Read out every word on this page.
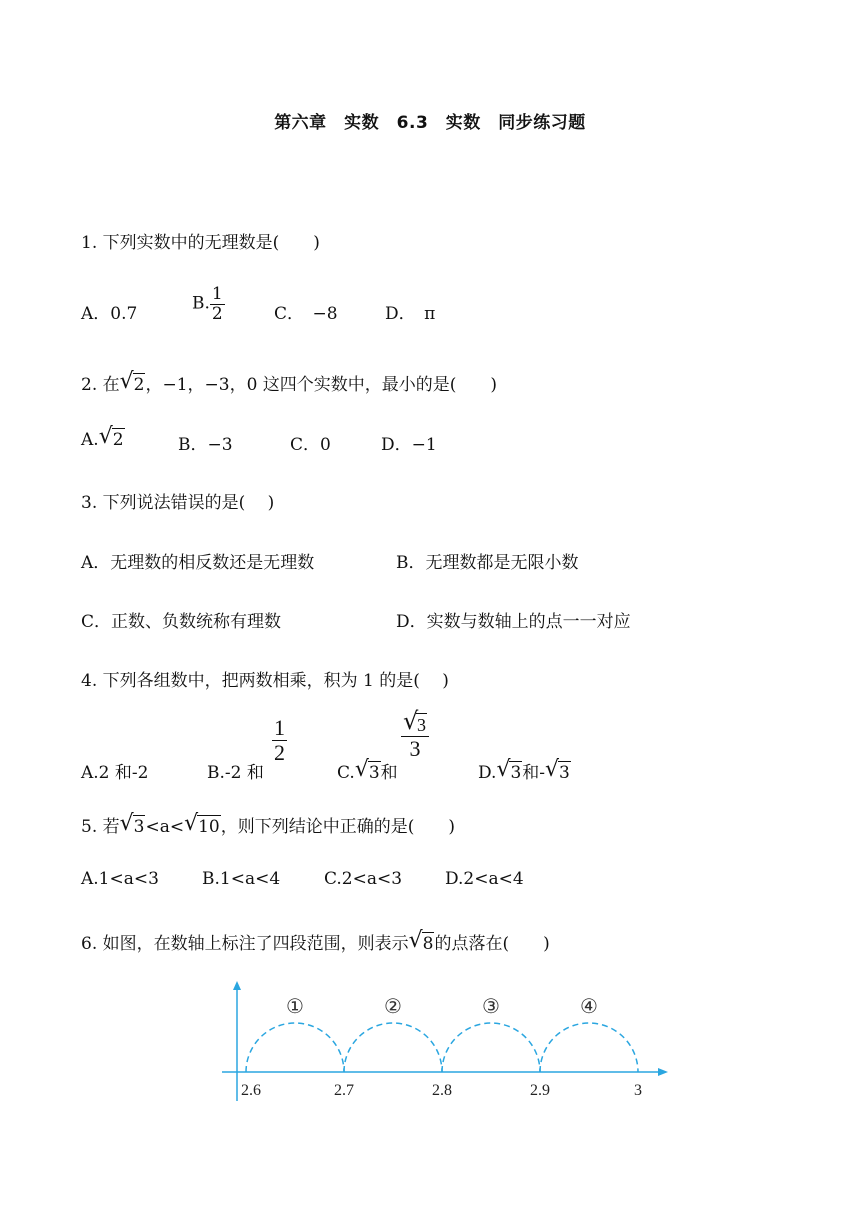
第六章　实数　6.3　实数　同步练习题
1. 下列实数中的无理数是(　　)
A．0.7
B. $\frac{1}{2}$	C．　−8	D．　π
2. 在 √ 2，−1，−3，0 这四个实数中，最小的是(　　)
A. √ 2	B．−3	C．0	D．−1
3. 下列说法错误的是(　 )
A．无理数的相反数还是无理数	B．无理数都是无限小数
C．正数、负数统称有理数	D．实数与数轴上的点一一对应
4. 下列各组数中，把两数相乘，积为 1 的是(　 )
A.2 和-2	B.-2 和
$\frac{1}{2}$
C. √ 3和
√
3
3
D. √ 3和- √ 3
5. 若 √ 3<a< √ 10，则下列结论中正确的是(　　)
A.1<a<3	B.1<a<4	C.2<a<3	D.2<a<4
6. 如图，在数轴上标注了四段范围，则表示 √ 8的点落在(　　)
2.6	2.7	2.8	2.9	3
①	②	③	④
